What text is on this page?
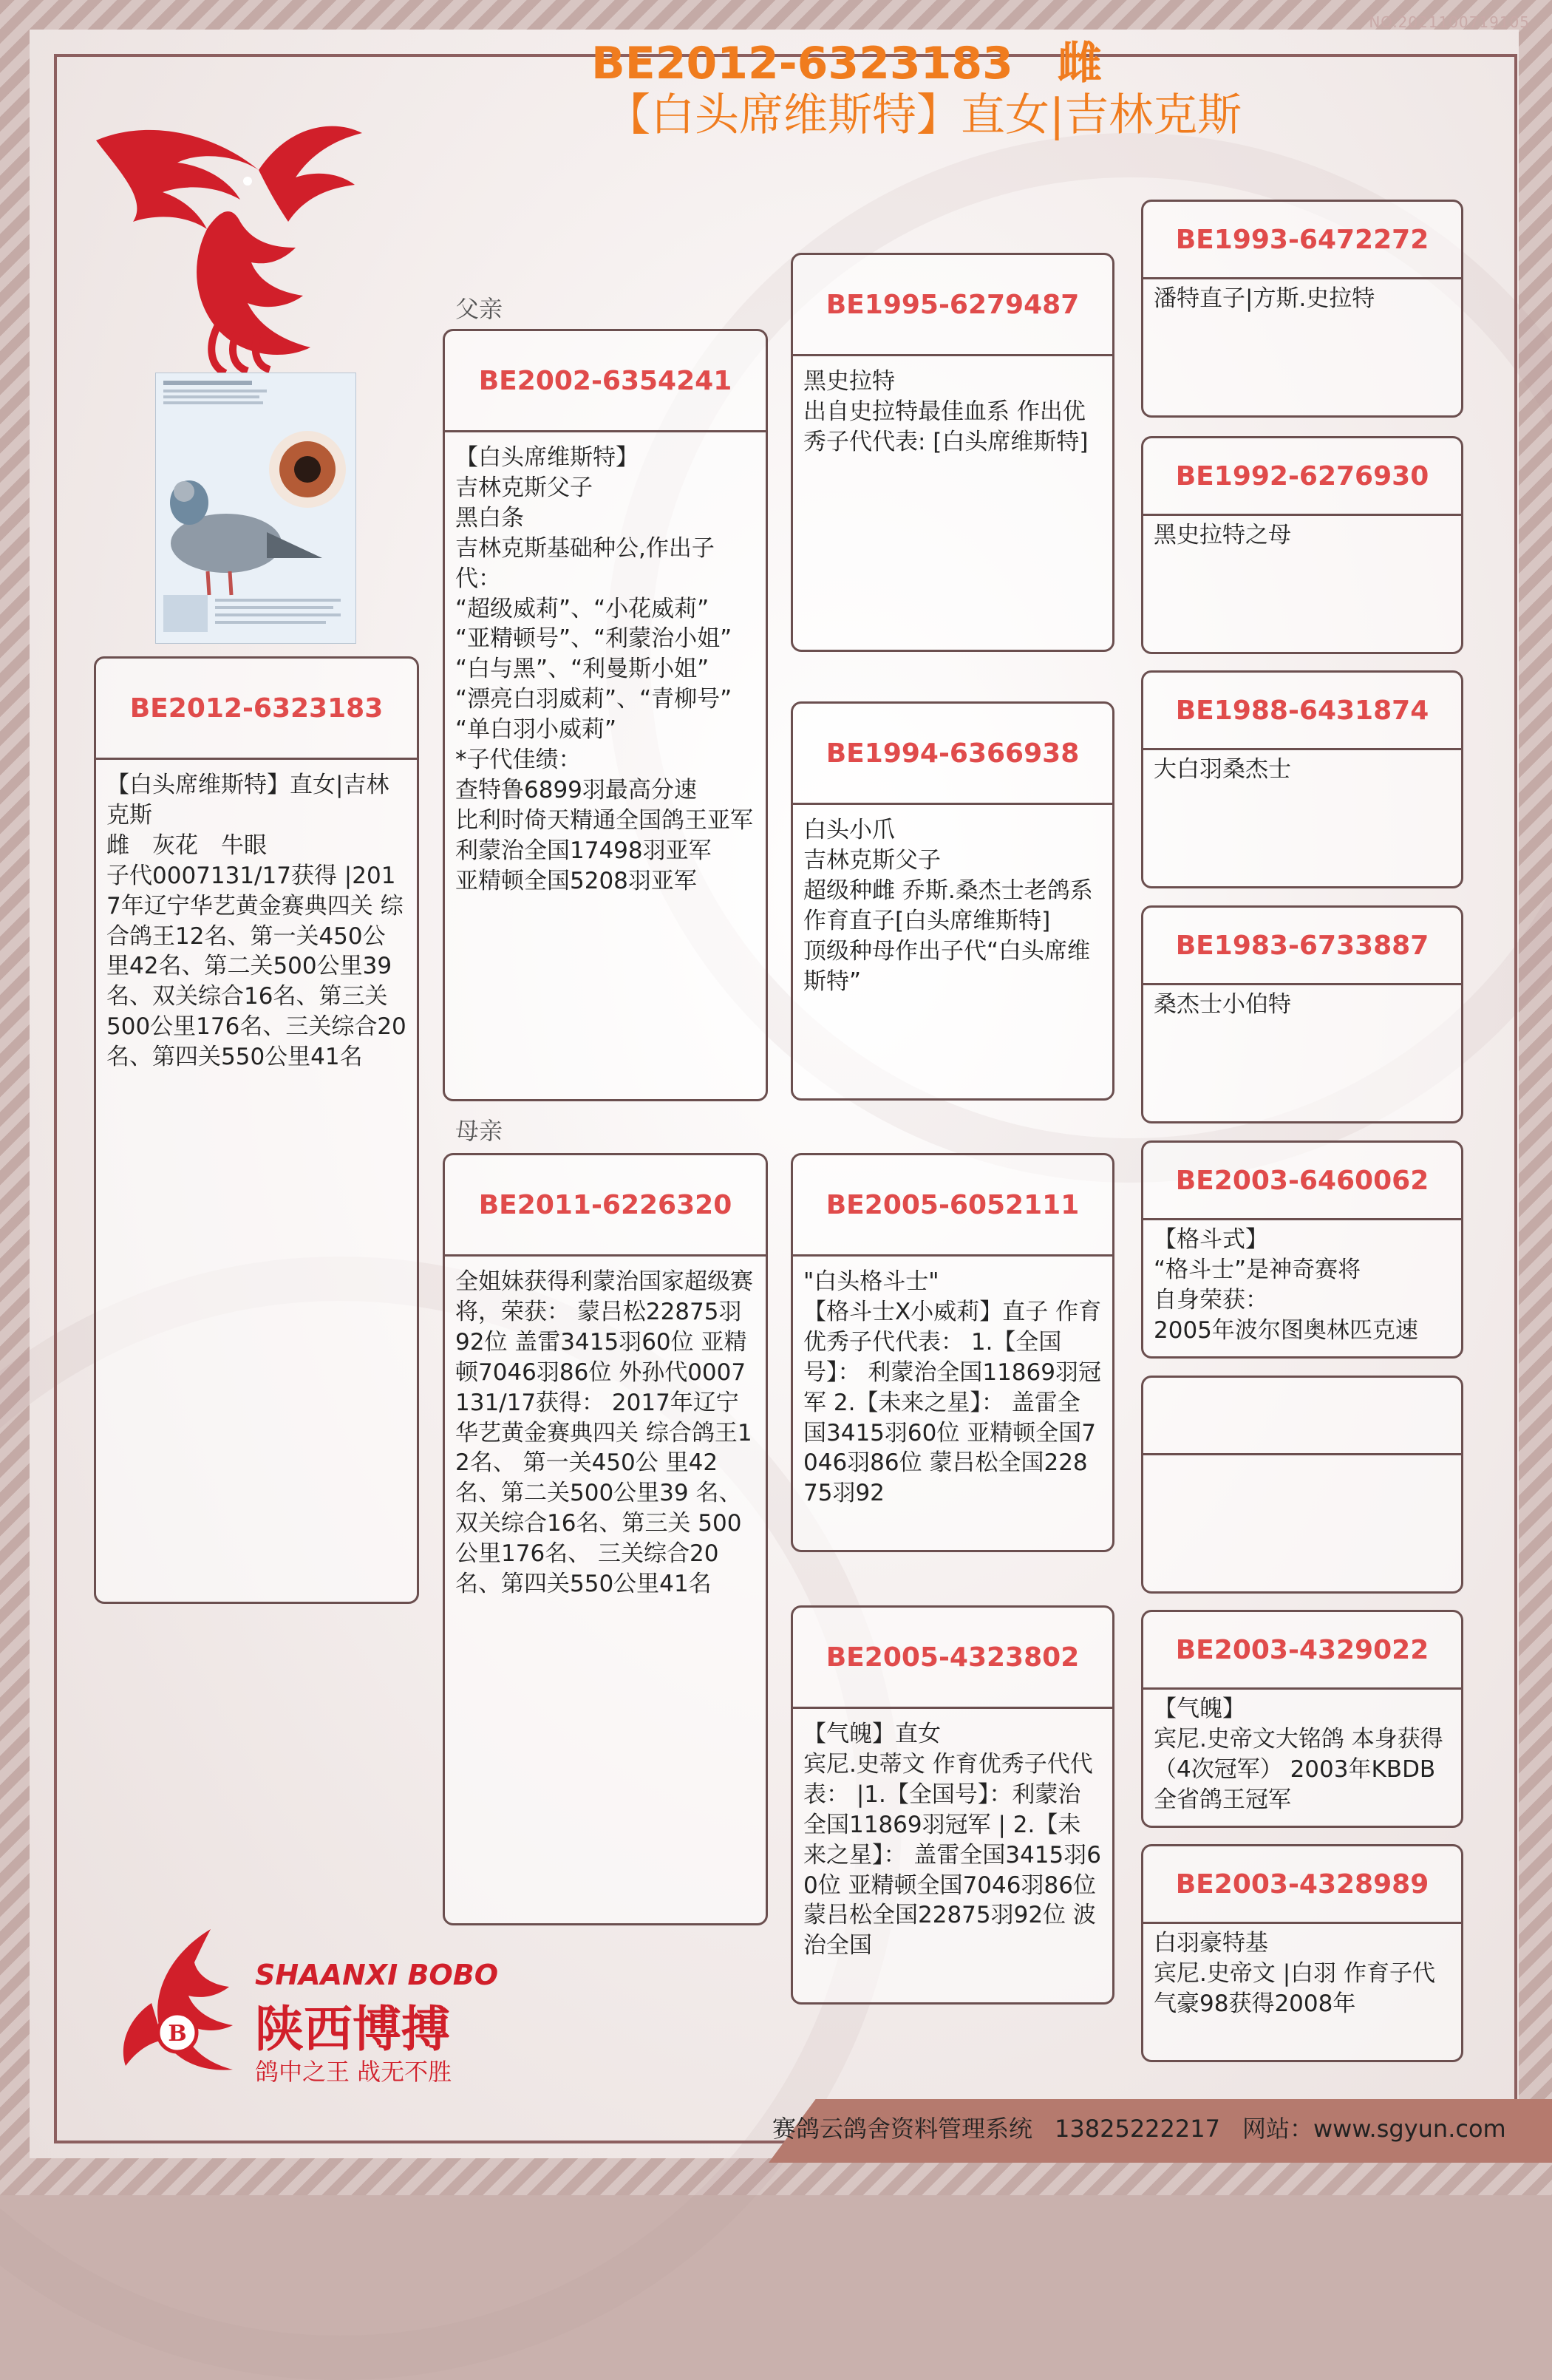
NO.2021100719105
BE2012-6323183 雌
【白头席维斯特】直女|吉林克斯
BE2012-6323183
【白头席维斯特】直女|吉林克斯
雌　灰花　牛眼
子代0007131/17获得 |2017年辽宁华艺黄金赛典四关 综合鸽王12名、第一关450公 里42名、第二关500公里39 名、双关综合16名、第三关 500公里176名、三关综合20 名、第四关550公里41名
父亲
BE2002-6354241
【白头席维斯特】
吉林克斯父子
黑白条
吉林克斯基础种公,作出子代：
“超级威莉”、“小花威莉”
“亚精顿号”、“利蒙治小姐”
“白与黑”、“利曼斯小姐”
“漂亮白羽威莉”、“青柳号”
“单白羽小威莉”
*子代佳绩：
查特鲁6899羽最高分速
比利时倚天精通全国鸽王亚军
利蒙治全国17498羽亚军
亚精顿全国5208羽亚军
母亲
BE2011-6226320
全姐妹获得利蒙治国家超级赛将，荣获： 蒙吕松22875羽92位 盖雷3415羽60位 亚精顿7046羽86位 外孙代0007131/17获得： 2017年辽宁华艺黄金赛典四关 综合鸽王12名、 第一关450公 里42名、第二关500公里39 名、 双关综合16名、第三关 500公里176名、 三关综合20名、第四关550公里41名
BE1995-6279487
黑史拉特
出自史拉特最佳血系 作出优秀子代代表: [白头席维斯特]
BE1994-6366938
白头小爪
吉林克斯父子
超级种雌 乔斯.桑杰士老鸽系 作育直子[白头席维斯特]
顶级种母作出子代“白头席维斯特”
BE2005-6052111
"白头格斗士"
【格斗士X小威莉】直子 作育优秀子代代表： 1.【全国号】： 利蒙治全国11869羽冠军 2.【未来之星】： 盖雷全国3415羽60位 亚精顿全国7046羽86位 蒙吕松全国22875羽92
BE2005-4323802
【气魄】直女
宾尼.史蒂文 作育优秀子代代表： |1.【全国号】：利蒙治全国11869羽冠军 | 2.【未来之星】： 盖雷全国3415羽60位 亚精顿全国7046羽86位 蒙吕松全国22875羽92位 波治全国
BE1993-6472272
潘特直子|方斯.史拉特
BE1992-6276930
黑史拉特之母
BE1988-6431874
大白羽桑杰士
BE1983-6733887
桑杰士小伯特
BE2003-6460062
【格斗式】
“格斗士”是神奇赛将
自身荣获：
2005年波尔图奥林匹克速
BE2003-4329022
【气魄】
宾尼.史帝文大铭鸽 本身获得（4次冠军） 2003年KBDB全省鸽王冠军
BE2003-4328989
白羽豪特基
宾尼.史帝文 |白羽 作育子代气豪98获得2008年
B
SHAANXI BOBO
陕西博搏
鸽中之王 战无不胜
赛鸽云鸽舍资料管理系统 13825222217 网站：www.sgyun.com
